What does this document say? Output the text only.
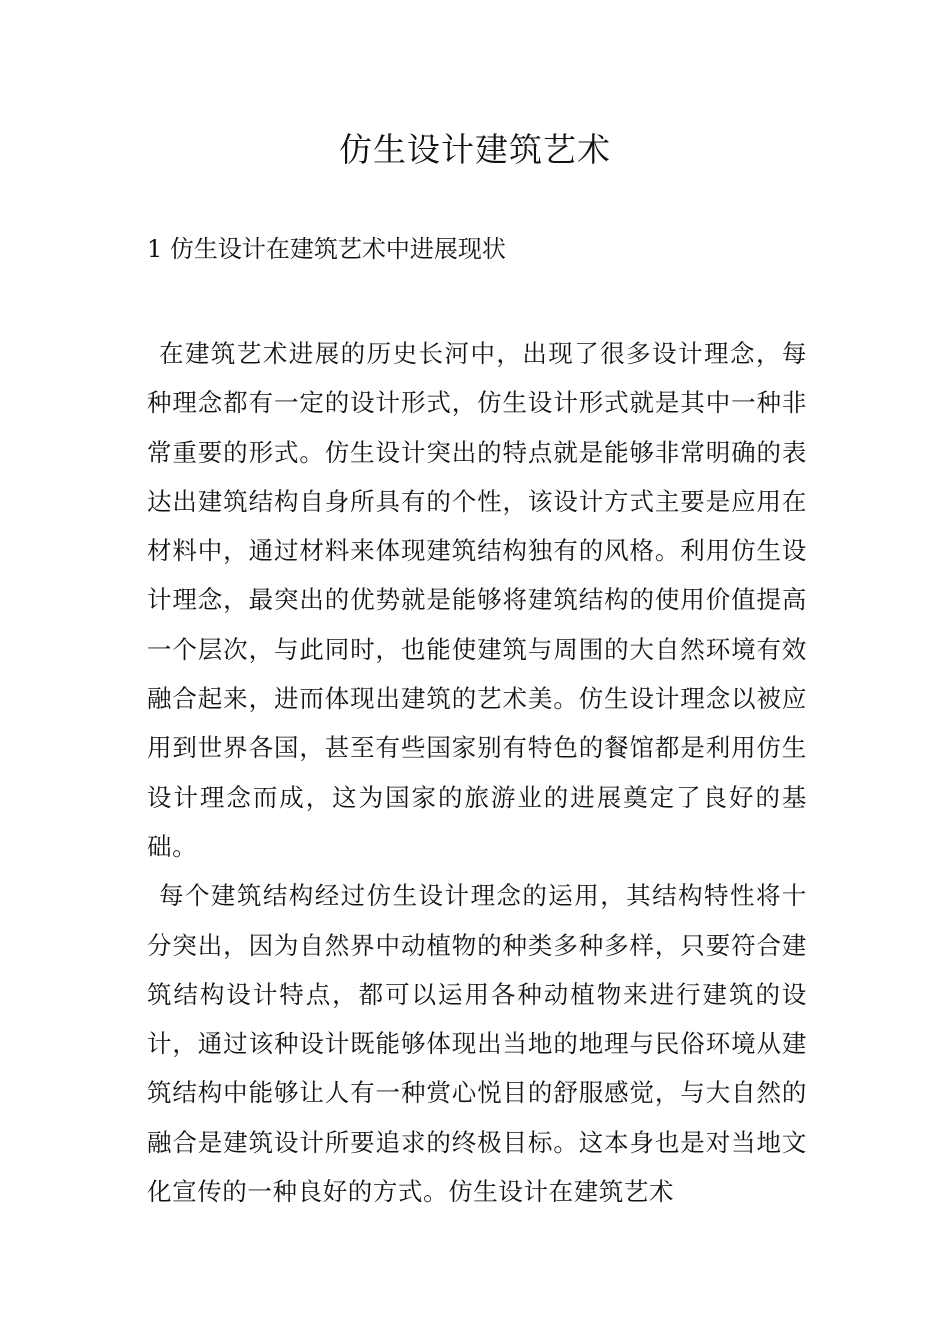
仿生设计建筑艺术
1 仿生设计在建筑艺术中进展现状

在建筑艺术进展的历史长河中，出现了很多设计理念，每种理念都有一定的设计形式，仿生设计形式就是其中一种非常重要的形式。仿生设计突出的特点就是能够非常明确的表达出建筑结构自身所具有的个性，该设计方式主要是应用在材料中，通过材料来体现建筑结构独有的风格。利用仿生设计理念，最突出的优势就是能够将建筑结构的使用价值提高一个层次，与此同时，也能使建筑与周围的大自然环境有效融合起来，进而体现出建筑的艺术美。仿生设计理念以被应用到世界各国，甚至有些国家别有特色的餐馆都是利用仿生设计理念而成，这为国家的旅游业的进展奠定了良好的基础。

每个建筑结构经过仿生设计理念的运用，其结构特性将十分突出，因为自然界中动植物的种类多种多样，只要符合建筑结构设计特点，都可以运用各种动植物来进行建筑的设计，通过该种设计既能够体现出当地的地理与民俗环境从建筑结构中能够让人有一种赏心悦目的舒服感觉，与大自然的融合是建筑设计所要追求的终极目标。这本身也是对当地文化宣传的一种良好的方式。仿生设计在建筑艺术
